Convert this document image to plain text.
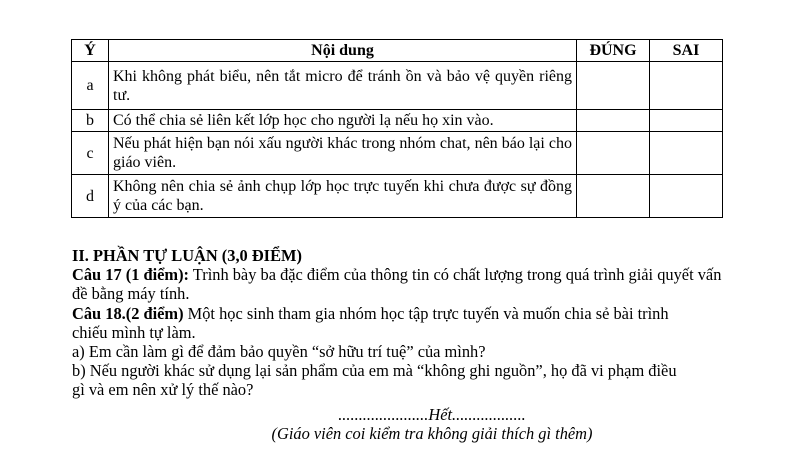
Ý	Nội dung	ĐÚNG	SAI
a	Khi không phát biểu, nên tắt micro để tránh ồn và bảo vệ quyền riêng tư.		
b	Có thể chia sẻ liên kết lớp học cho người lạ nếu họ xin vào.		
c	Nếu phát hiện bạn nói xấu người khác trong nhóm chat, nên báo lại cho giáo viên.		
d	Không nên chia sẻ ảnh chụp lớp học trực tuyến khi chưa được sự đồng ý của các bạn.		

II. PHẦN TỰ LUẬN (3,0 ĐIỂM)

Câu 17 (1 điểm): Trình bày ba đặc điểm của thông tin có chất lượng trong quá trình giải quyết vấn đề bằng máy tính.

Câu 18.(2 điểm) Một học sinh tham gia nhóm học tập trực tuyến và muốn chia sẻ bài trình chiếu mình tự làm.

a) Em cần làm gì để đảm bảo quyền “sở hữu trí tuệ” của mình?

b) Nếu người khác sử dụng lại sản phẩm của em mà “không ghi nguồn”, họ đã vi phạm điều gì và em nên xử lý thế nào?

......................Hết..................

(Giáo viên coi kiểm tra không giải thích gì thêm)
